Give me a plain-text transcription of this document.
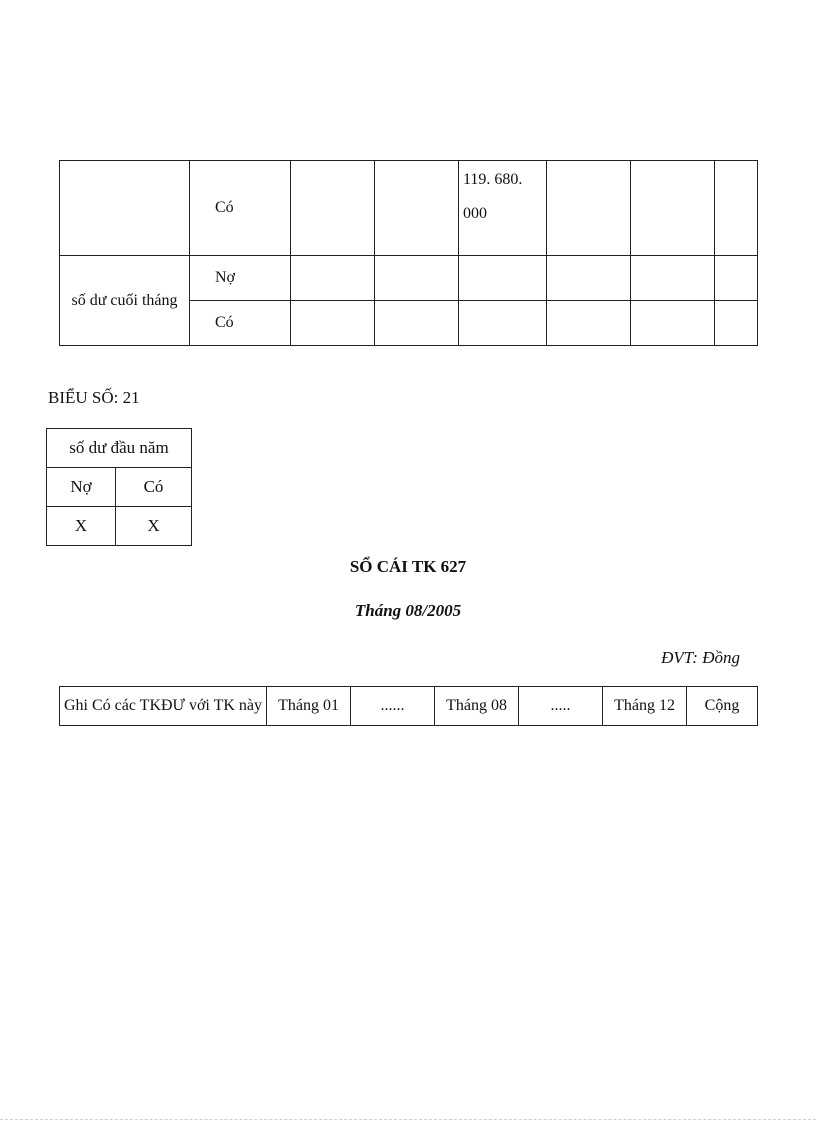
	Có			119. 680.
000			

số dư cuối tháng	Nợ						
	Có						
BIỂU SỐ: 21
số dư đầu năm	
Nợ	Có
X	X
SỔ CÁI TK 627
Tháng 08/2005
ĐVT: Đồng
Ghi Có các TKĐƯ với TK này	Tháng 01	......	Tháng 08	.....	Tháng 12	Cộng
